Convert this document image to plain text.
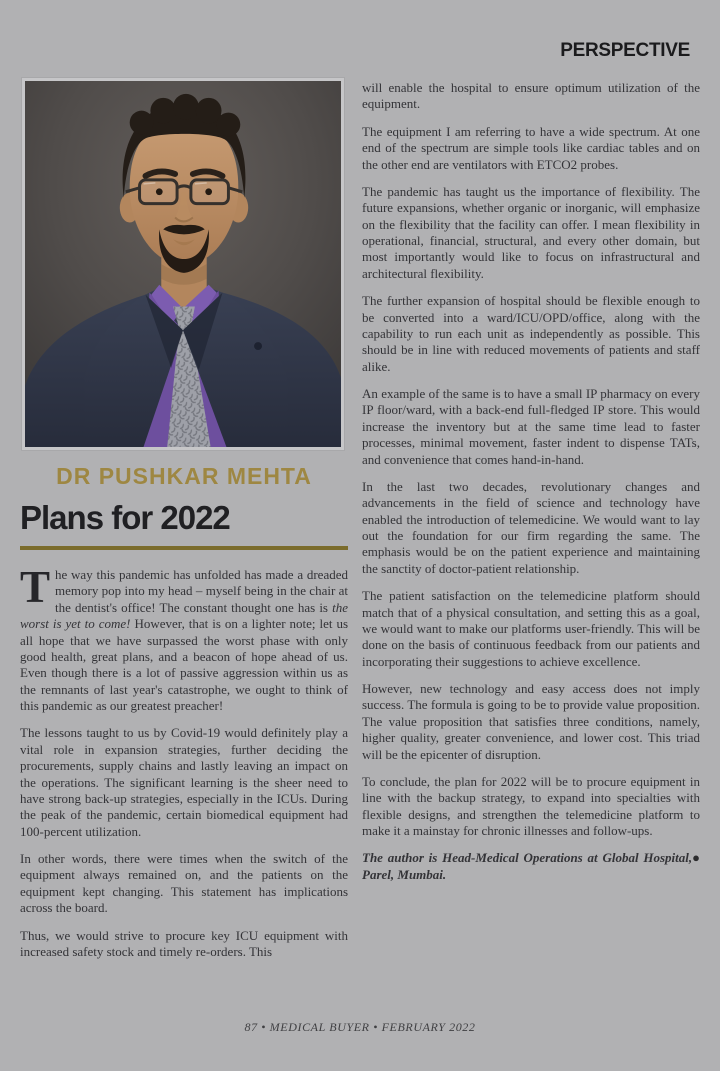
PERSPECTIVE
DR PUSHKAR MEHTA
Plans for 2022

The way this pandemic has unfolded has made a dreaded memory pop into my head – myself being in the chair at the dentist's office! The constant thought one has is the worst is yet to come! However, that is on a lighter note; let us all hope that we have surpassed the worst phase with only good health, great plans, and a beacon of hope ahead of us. Even though there is a lot of passive aggression within us as the remnants of last year's catastrophe, we ought to think of this pandemic as our greatest preacher!

The lessons taught to us by Covid-19 would definitely play a vital role in expansion strategies, further deciding the procurements, supply chains and lastly leaving an impact on the operations. The significant learning is the sheer need to have strong back-up strategies, especially in the ICUs. During the peak of the pandemic, certain biomedical equipment had 100-percent utilization.

In other words, there were times when the switch of the equipment always remained on, and the patients on the equipment kept changing. This statement has implications across the board.

Thus, we would strive to procure key ICU equipment with increased safety stock and timely re-orders. This

will enable the hospital to ensure optimum utilization of the equipment.

The equipment I am referring to have a wide spectrum. At one end of the spectrum are simple tools like cardiac tables and on the other end are ventilators with ETCO2 probes.

The pandemic has taught us the importance of flexibility. The future expansions, whether organic or inorganic, will emphasize on the flexibility that the facility can offer. I mean flexibility in operational, financial, structural, and every other domain, but most importantly would like to focus on infrastructural and architectural flexibility.

The further expansion of hospital should be flexible enough to be converted into a ward/ICU/OPD/office, along with the capability to run each unit as independently as possible. This should be in line with reduced movements of patients and staff alike.

An example of the same is to have a small IP pharmacy on every IP floor/ward, with a back-end full-fledged IP store. This would increase the inventory but at the same time lead to faster processes, minimal movement, faster indent to dispense TATs, and convenience that comes hand-in-hand.

In the last two decades, revolutionary changes and advancements in the field of science and technology have enabled the introduction of telemedicine. We would want to lay out the foundation for our firm regarding the same. The emphasis would be on the patient experience and maintaining the sanctity of doctor-patient relationship.

The patient satisfaction on the telemedicine platform should match that of a physical consultation, and setting this as a goal, we would want to make our platforms user-friendly. This will be done on the basis of continuous feedback from our patients and incorporating their suggestions to achieve excellence.

However, new technology and easy access does not imply success. The formula is going to be to provide value proposition. The value proposition that satisfies three conditions, namely, higher quality, greater convenience, and lower cost. This triad will be the epicenter of disruption.

To conclude, the plan for 2022 will be to procure equipment in line with the backup strategy, to expand into specialties with flexible designs, and strengthen the telemedicine platform to make it a mainstay for chronic illnesses and follow-ups.

●
The author is Head-Medical Operations at Global Hospital, Parel, Mumbai.

87 • MEDICAL BUYER • FEBRUARY 2022
